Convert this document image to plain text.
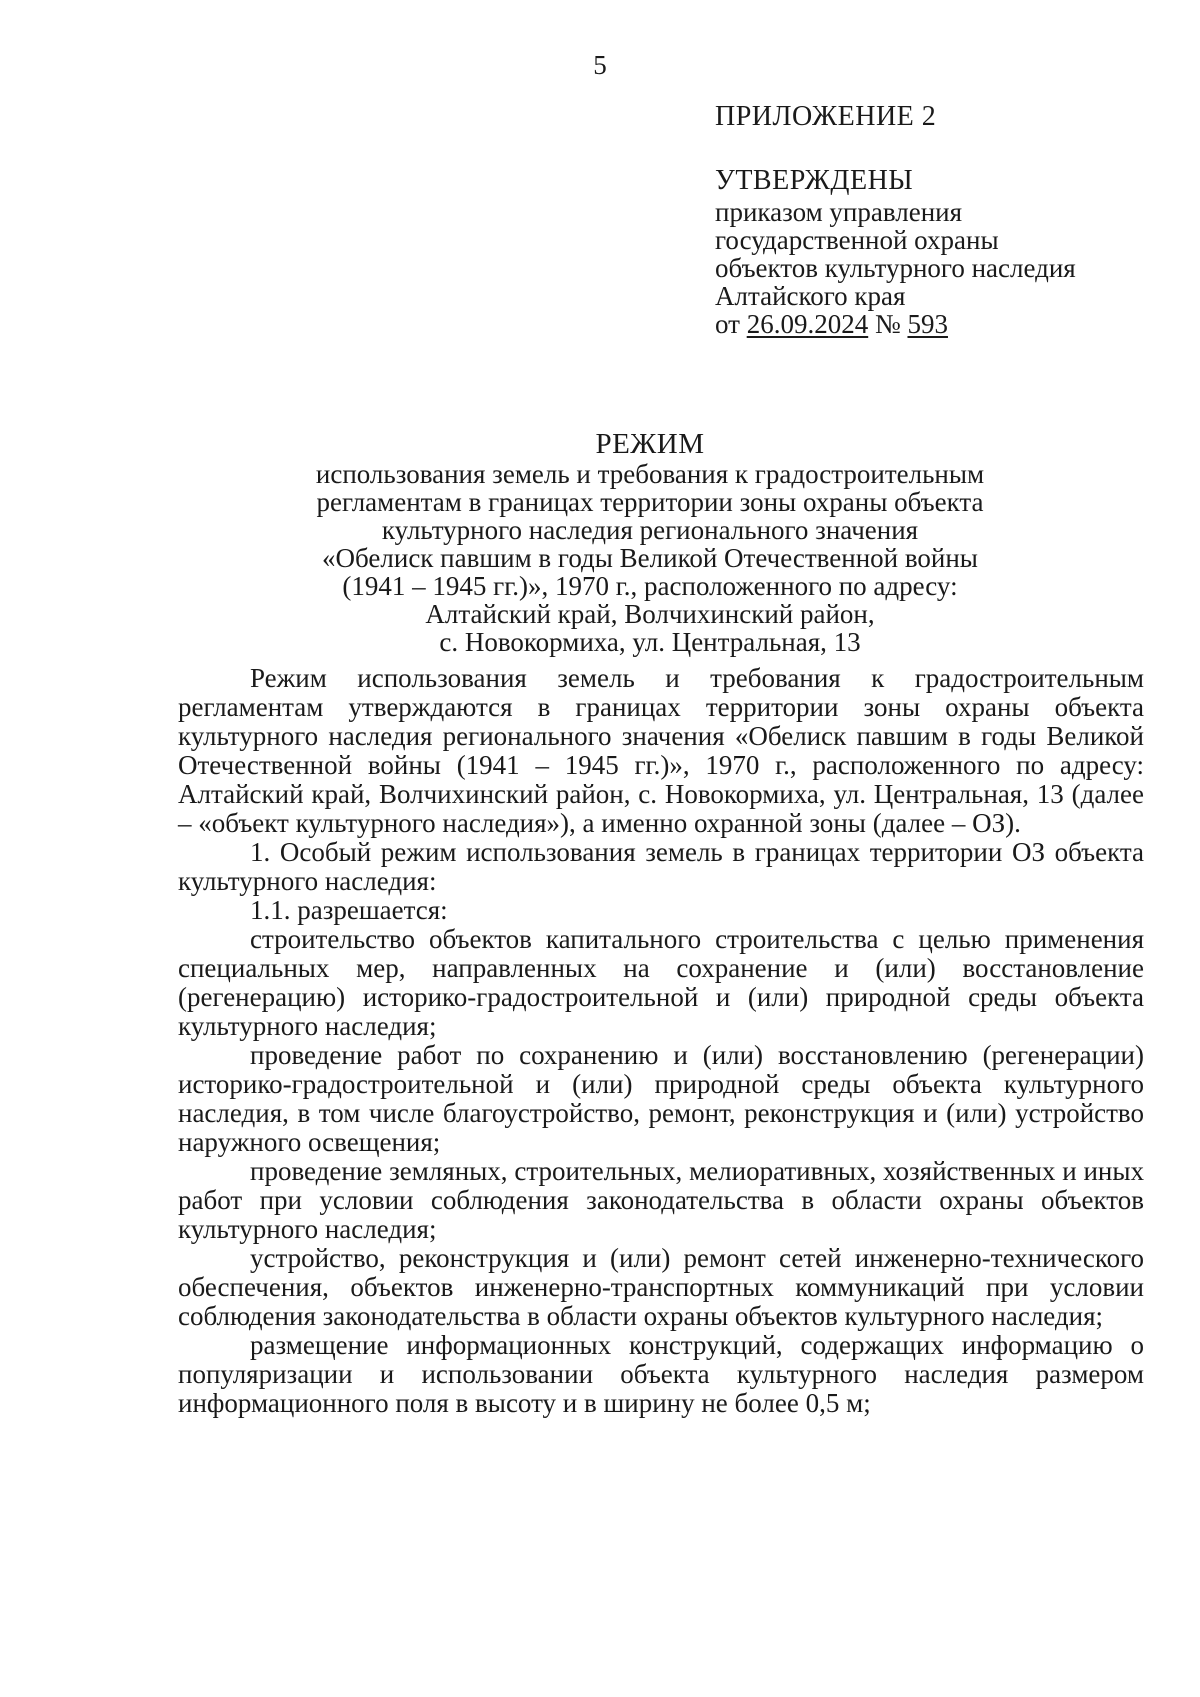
5
ПРИЛОЖЕНИЕ 2
УТВЕРЖДЕНЫ
приказом управления
государственной охраны
объектов культурного наследия
Алтайского края
от 26.09.2024 № 593
РЕЖИМ
использования земель и требования к градостроительным
регламентам в границах территории зоны охраны объекта
культурного наследия регионального значения
«Обелиск павшим в годы Великой Отечественной войны
(1941 – 1945 гг.)», 1970 г., расположенного по адресу:
Алтайский край, Волчихинский район,
с. Новокормиха, ул. Центральная, 13

Режим использования земель и требования к градостроительным регламентам утверждаются в границах территории зоны охраны объекта культурного наследия регионального значения «Обелиск павшим в годы Великой Отечественной войны (1941 – 1945 гг.)», 1970 г., расположенного по адресу: Алтайский край, Волчихинский район, с. Новокормиха, ул. Центральная, 13 (далее – «объект культурного наследия»), а именно охранной зоны (далее – ОЗ).

1. Особый режим использования земель в границах территории ОЗ объекта культурного наследия:

1.1. разрешается:

строительство объектов капитального строительства с целью применения специальных мер, направленных на сохранение и (или) восстановление (регенерацию) историко-градостроительной и (или) природной среды объекта культурного наследия;

проведение работ по сохранению и (или) восстановлению (регенерации) историко-градостроительной и (или) природной среды объекта культурного наследия, в том числе благоустройство, ремонт, реконструкция и (или) устройство наружного освещения;

проведение земляных, строительных, мелиоративных, хозяйственных и иных работ при условии соблюдения законодательства в области охраны объектов культурного наследия;

устройство, реконструкция и (или) ремонт сетей инженерно-технического обеспечения, объектов инженерно-транспортных коммуникаций при условии соблюдения законодательства в области охраны объектов культурного наследия;

размещение информационных конструкций, содержащих информацию о популяризации и использовании объекта культурного наследия размером информационного поля в высоту и в ширину не более 0,5 м;
